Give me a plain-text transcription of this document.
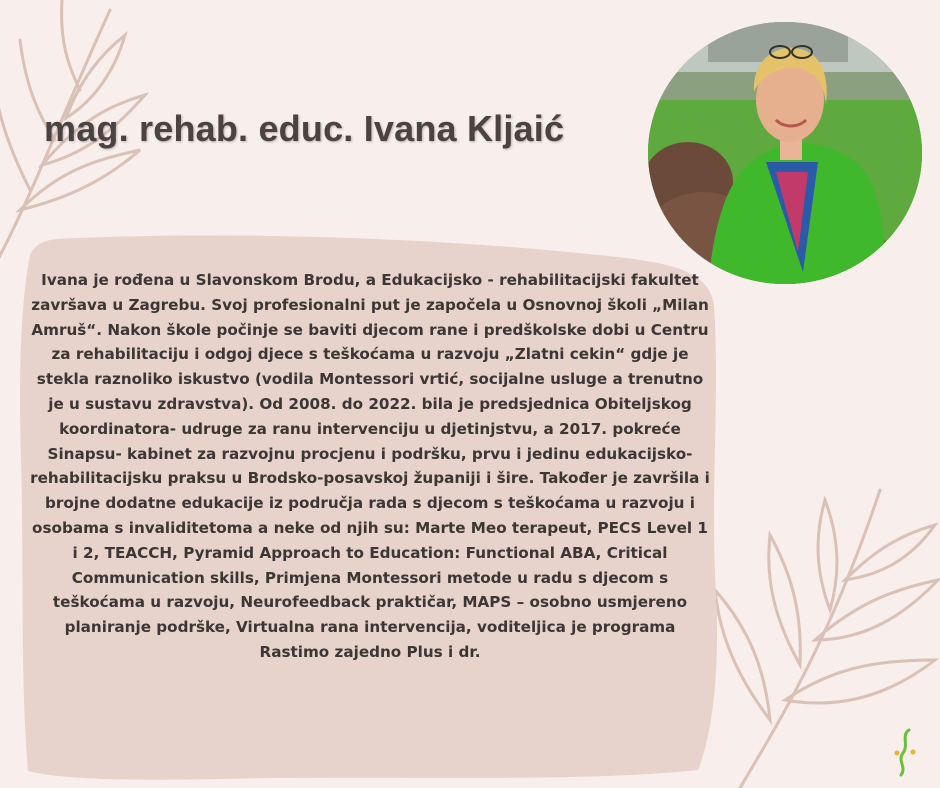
mag. rehab. educ. Ivana Kljaić

Ivana je rođena u Slavonskom Brodu, a Edukacijsko - rehabilitacijski fakultet završava u Zagrebu. Svoj profesionalni put je započela u Osnovnoj školi „Milan Amruš“. Nakon škole počinje se baviti djecom rane i predškolske dobi u Centru za rehabilitaciju i odgoj djece s teškoćama u razvoju „Zlatni cekin“ gdje je stekla raznoliko iskustvo (vodila Montessori vrtić, socijalne usluge a trenutno je u sustavu zdravstva). Od 2008. do 2022. bila je predsjednica Obiteljskog koordinatora- udruge za ranu intervenciju u djetinjstvu, a 2017. pokreće Sinapsu- kabinet za razvojnu procjenu i podršku, prvu i jedinu edukacijsko- rehabilitacijsku praksu u Brodsko-posavskoj županiji i šire. Također je završila i brojne dodatne edukacije iz područja rada s djecom s teškoćama u razvoju i osobama s invaliditetoma a neke od njih su: Marte Meo terapeut, PECS Level 1 i 2, TEACCH, Pyramid Approach to Education: Functional ABA, Critical Communication skills, Primjena Montessori metode u radu s djecom s teškoćama u razvoju, Neurofeedback praktičar, MAPS – osobno usmjereno planiranje podrške, Virtualna rana intervencija, voditeljica je programa Rastimo zajedno Plus i dr.
